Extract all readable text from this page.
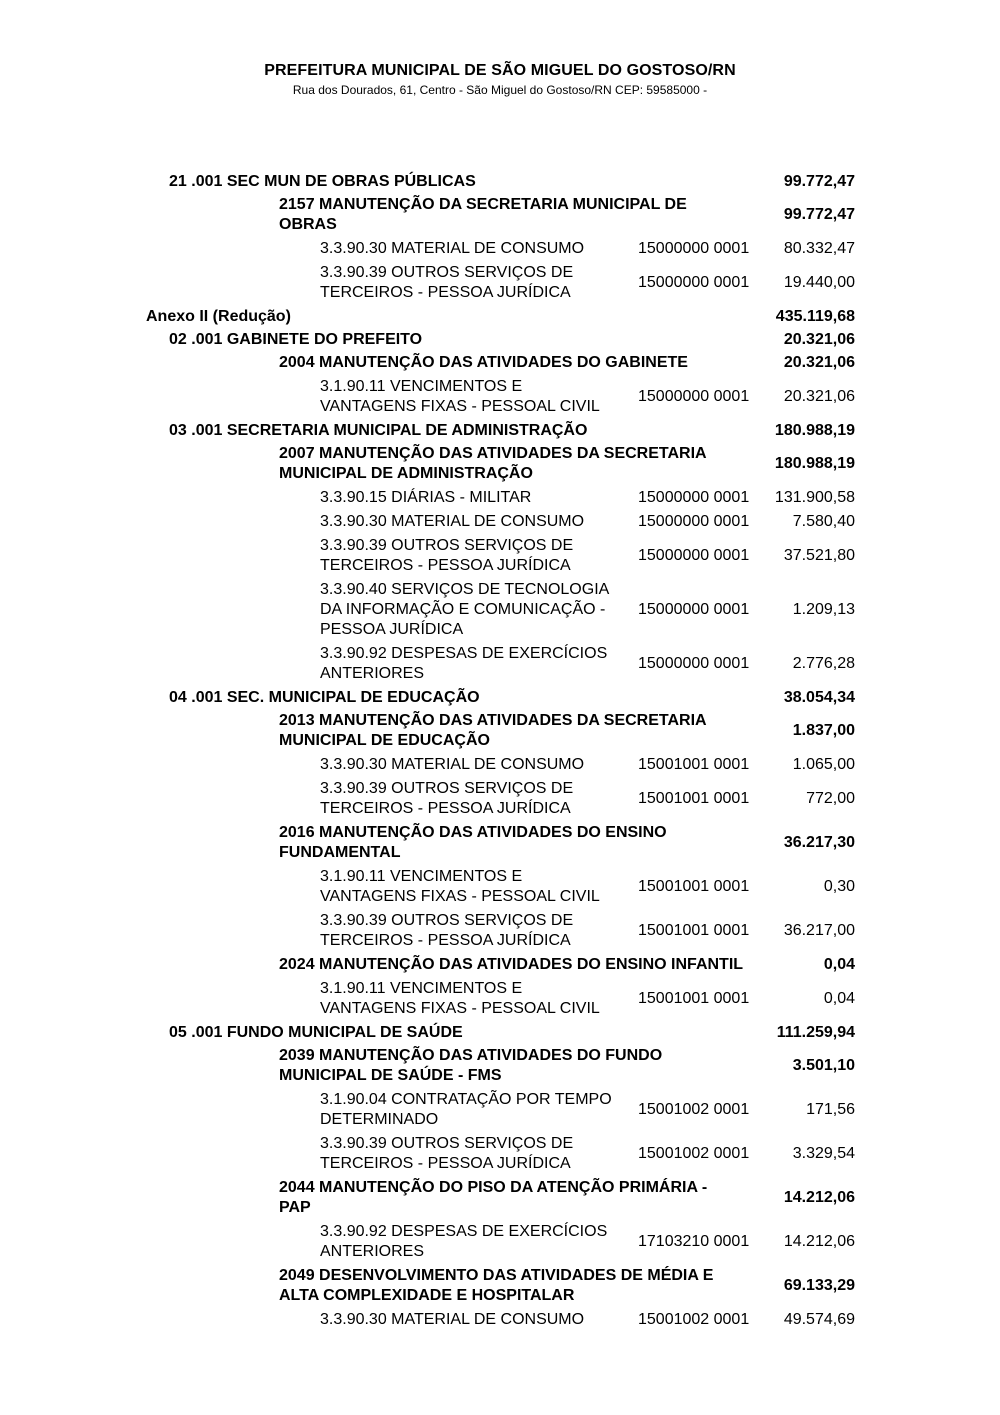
PREFEITURA MUNICIPAL DE SÃO MIGUEL DO GOSTOSO/RN
Rua dos Dourados, 61, Centro - São Miguel do Gostoso/RN CEP: 59585000 -
21 .001 SEC MUN DE OBRAS PÚBLICAS	99.772,47
2157 MANUTENÇÃO DA SECRETARIA MUNICIPAL DE
OBRAS
99.772,47
3.3.90.30 MATERIAL DE CONSUMO	15000000 0001	80.332,47
3.3.90.39 OUTROS SERVIÇOS DE
TERCEIROS - PESSOA JURÍDICA
15000000 0001	19.440,00
Anexo II (Redução)	435.119,68
02 .001 GABINETE DO PREFEITO	20.321,06
2004 MANUTENÇÃO DAS ATIVIDADES DO GABINETE	20.321,06
3.1.90.11 VENCIMENTOS E
VANTAGENS FIXAS - PESSOAL CIVIL
15000000 0001	20.321,06
03 .001 SECRETARIA MUNICIPAL DE ADMINISTRAÇÃO	180.988,19
2007 MANUTENÇÃO DAS ATIVIDADES DA SECRETARIA
MUNICIPAL DE ADMINISTRAÇÃO
180.988,19
3.3.90.15 DIÁRIAS - MILITAR	15000000 0001	131.900,58
3.3.90.30 MATERIAL DE CONSUMO	15000000 0001	7.580,40
3.3.90.39 OUTROS SERVIÇOS DE
TERCEIROS - PESSOA JURÍDICA
15000000 0001	37.521,80
3.3.90.40 SERVIÇOS DE TECNOLOGIA
DA INFORMAÇÃO E COMUNICAÇÃO -
PESSOA JURÍDICA
15000000 0001	1.209,13
3.3.90.92 DESPESAS DE EXERCÍCIOS
ANTERIORES
15000000 0001	2.776,28
04 .001 SEC. MUNICIPAL DE EDUCAÇÃO	38.054,34
2013 MANUTENÇÃO DAS ATIVIDADES DA SECRETARIA
MUNICIPAL DE EDUCAÇÃO
1.837,00
3.3.90.30 MATERIAL DE CONSUMO	15001001 0001	1.065,00
3.3.90.39 OUTROS SERVIÇOS DE
TERCEIROS - PESSOA JURÍDICA
15001001 0001	772,00
2016 MANUTENÇÃO DAS ATIVIDADES DO ENSINO
FUNDAMENTAL
36.217,30
3.1.90.11 VENCIMENTOS E
VANTAGENS FIXAS - PESSOAL CIVIL
15001001 0001	0,30
3.3.90.39 OUTROS SERVIÇOS DE
TERCEIROS - PESSOA JURÍDICA
15001001 0001	36.217,00
2024 MANUTENÇÃO DAS ATIVIDADES DO ENSINO INFANTIL	0,04
3.1.90.11 VENCIMENTOS E
VANTAGENS FIXAS - PESSOAL CIVIL
15001001 0001	0,04
05 .001 FUNDO MUNICIPAL DE SAÚDE	111.259,94
2039 MANUTENÇÃO DAS ATIVIDADES DO FUNDO
MUNICIPAL DE SAÚDE - FMS
3.501,10
3.1.90.04 CONTRATAÇÃO POR TEMPO
DETERMINADO
15001002 0001	171,56
3.3.90.39 OUTROS SERVIÇOS DE
TERCEIROS - PESSOA JURÍDICA
15001002 0001	3.329,54
2044 MANUTENÇÃO DO PISO DA ATENÇÃO PRIMÁRIA -
PAP
14.212,06
3.3.90.92 DESPESAS DE EXERCÍCIOS
ANTERIORES
17103210 0001	14.212,06
2049 DESENVOLVIMENTO DAS ATIVIDADES DE MÉDIA E
ALTA COMPLEXIDADE E HOSPITALAR
69.133,29
3.3.90.30 MATERIAL DE CONSUMO	15001002 0001	49.574,69
